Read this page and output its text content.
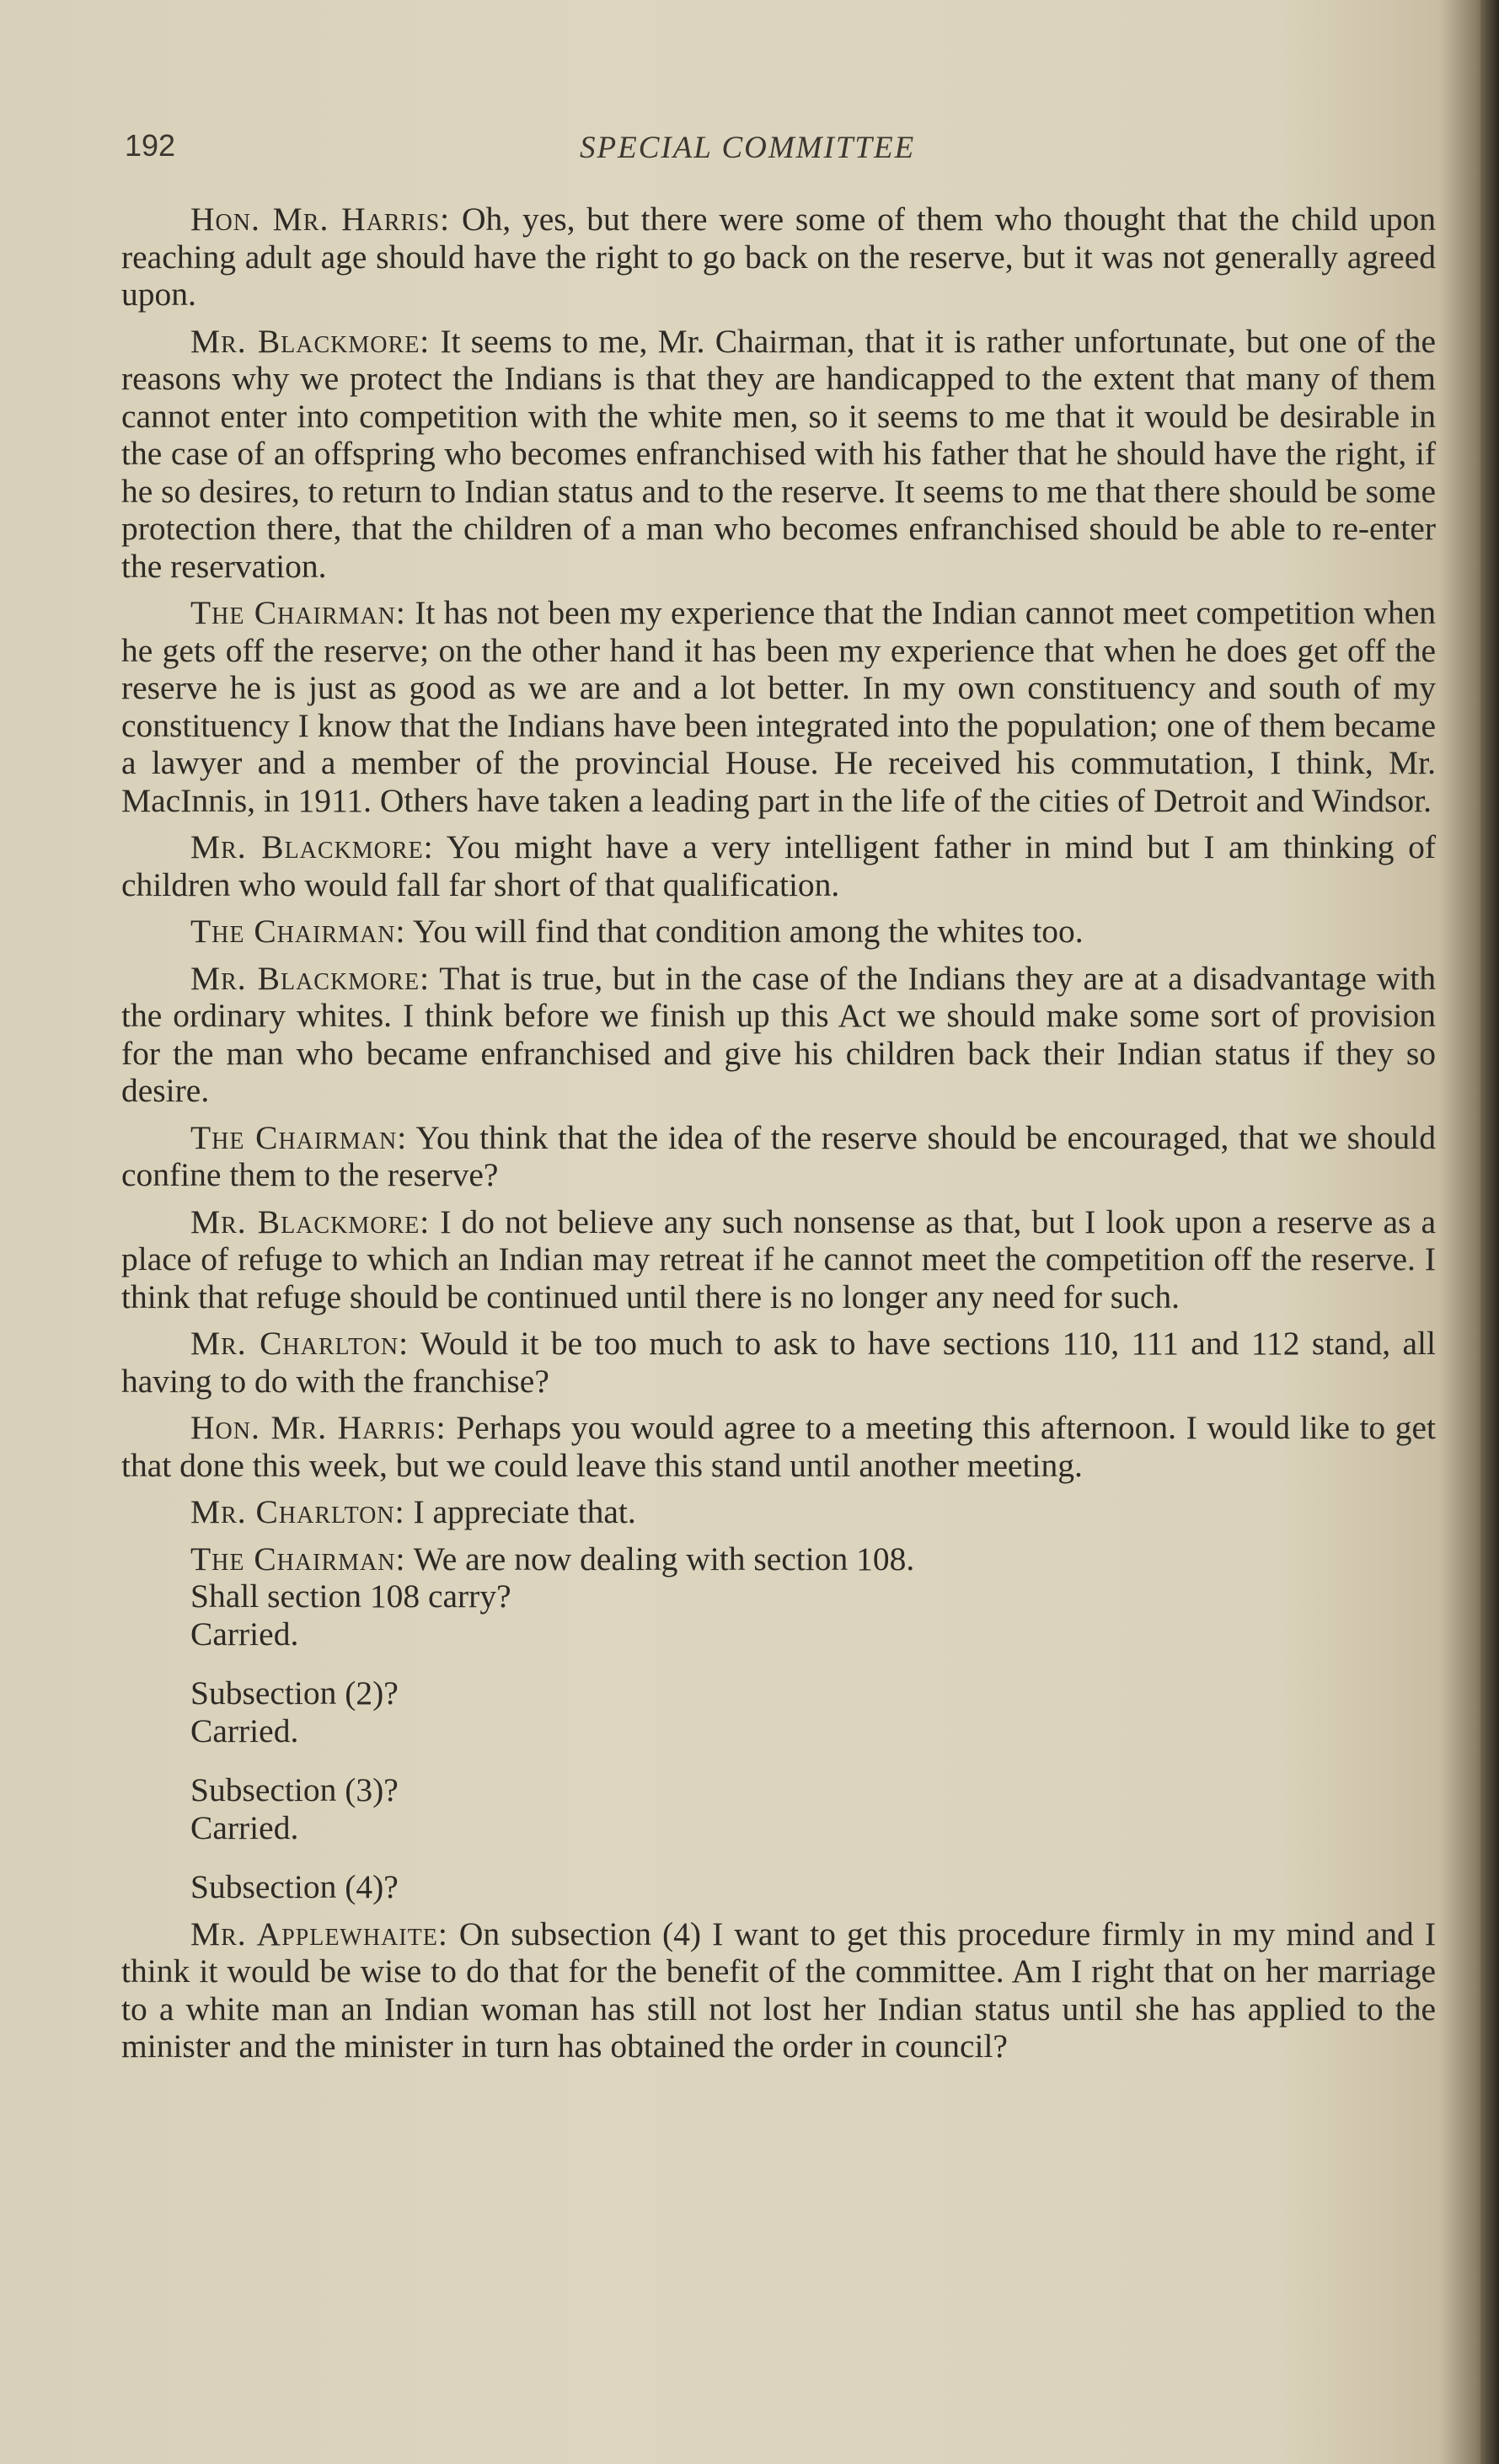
192	SPECIAL COMMITTEE

Hon. Mr. Harris: Oh, yes, but there were some of them who thought that the child upon reaching adult age should have the right to go back on the reserve, but it was not generally agreed upon.

Mr. Blackmore: It seems to me, Mr. Chairman, that it is rather unfortunate, but one of the reasons why we protect the Indians is that they are handicapped to the extent that many of them cannot enter into competition with the white men, so it seems to me that it would be desirable in the case of an offspring who becomes enfranchised with his father that he should have the right, if he so desires, to return to Indian status and to the reserve. It seems to me that there should be some protection there, that the children of a man who becomes enfranchised should be able to re-enter the reservation.

The Chairman: It has not been my experience that the Indian cannot meet competition when he gets off the reserve; on the other hand it has been my experience that when he does get off the reserve he is just as good as we are and a lot better. In my own constituency and south of my constituency I know that the Indians have been integrated into the population; one of them became a lawyer and a member of the provincial House. He received his commutation, I think, Mr. MacInnis, in 1911. Others have taken a leading part in the life of the cities of Detroit and Windsor.

Mr. Blackmore: You might have a very intelligent father in mind but I am thinking of children who would fall far short of that qualification.

The Chairman: You will find that condition among the whites too.

Mr. Blackmore: That is true, but in the case of the Indians they are at a disadvantage with the ordinary whites. I think before we finish up this Act we should make some sort of provision for the man who became enfranchised and give his children back their Indian status if they so desire.

The Chairman: You think that the idea of the reserve should be encouraged, that we should confine them to the reserve?

Mr. Blackmore: I do not believe any such nonsense as that, but I look upon a reserve as a place of refuge to which an Indian may retreat if he cannot meet the competition off the reserve. I think that refuge should be continued until there is no longer any need for such.

Mr. Charlton: Would it be too much to ask to have sections 110, 111 and 112 stand, all having to do with the franchise?

Hon. Mr. Harris: Perhaps you would agree to a meeting this afternoon. I would like to get that done this week, but we could leave this stand until another meeting.

Mr. Charlton: I appreciate that.

The Chairman: We are now dealing with section 108.

Shall section 108 carry?

Carried.

Subsection (2)?

Carried.

Subsection (3)?

Carried.

Subsection (4)?

Mr. Applewhaite: On subsection (4) I want to get this procedure firmly in my mind and I think it would be wise to do that for the benefit of the committee. Am I right that on her marriage to a white man an Indian woman has still not lost her Indian status until she has applied to the minister and the minister in turn has obtained the order in council?
